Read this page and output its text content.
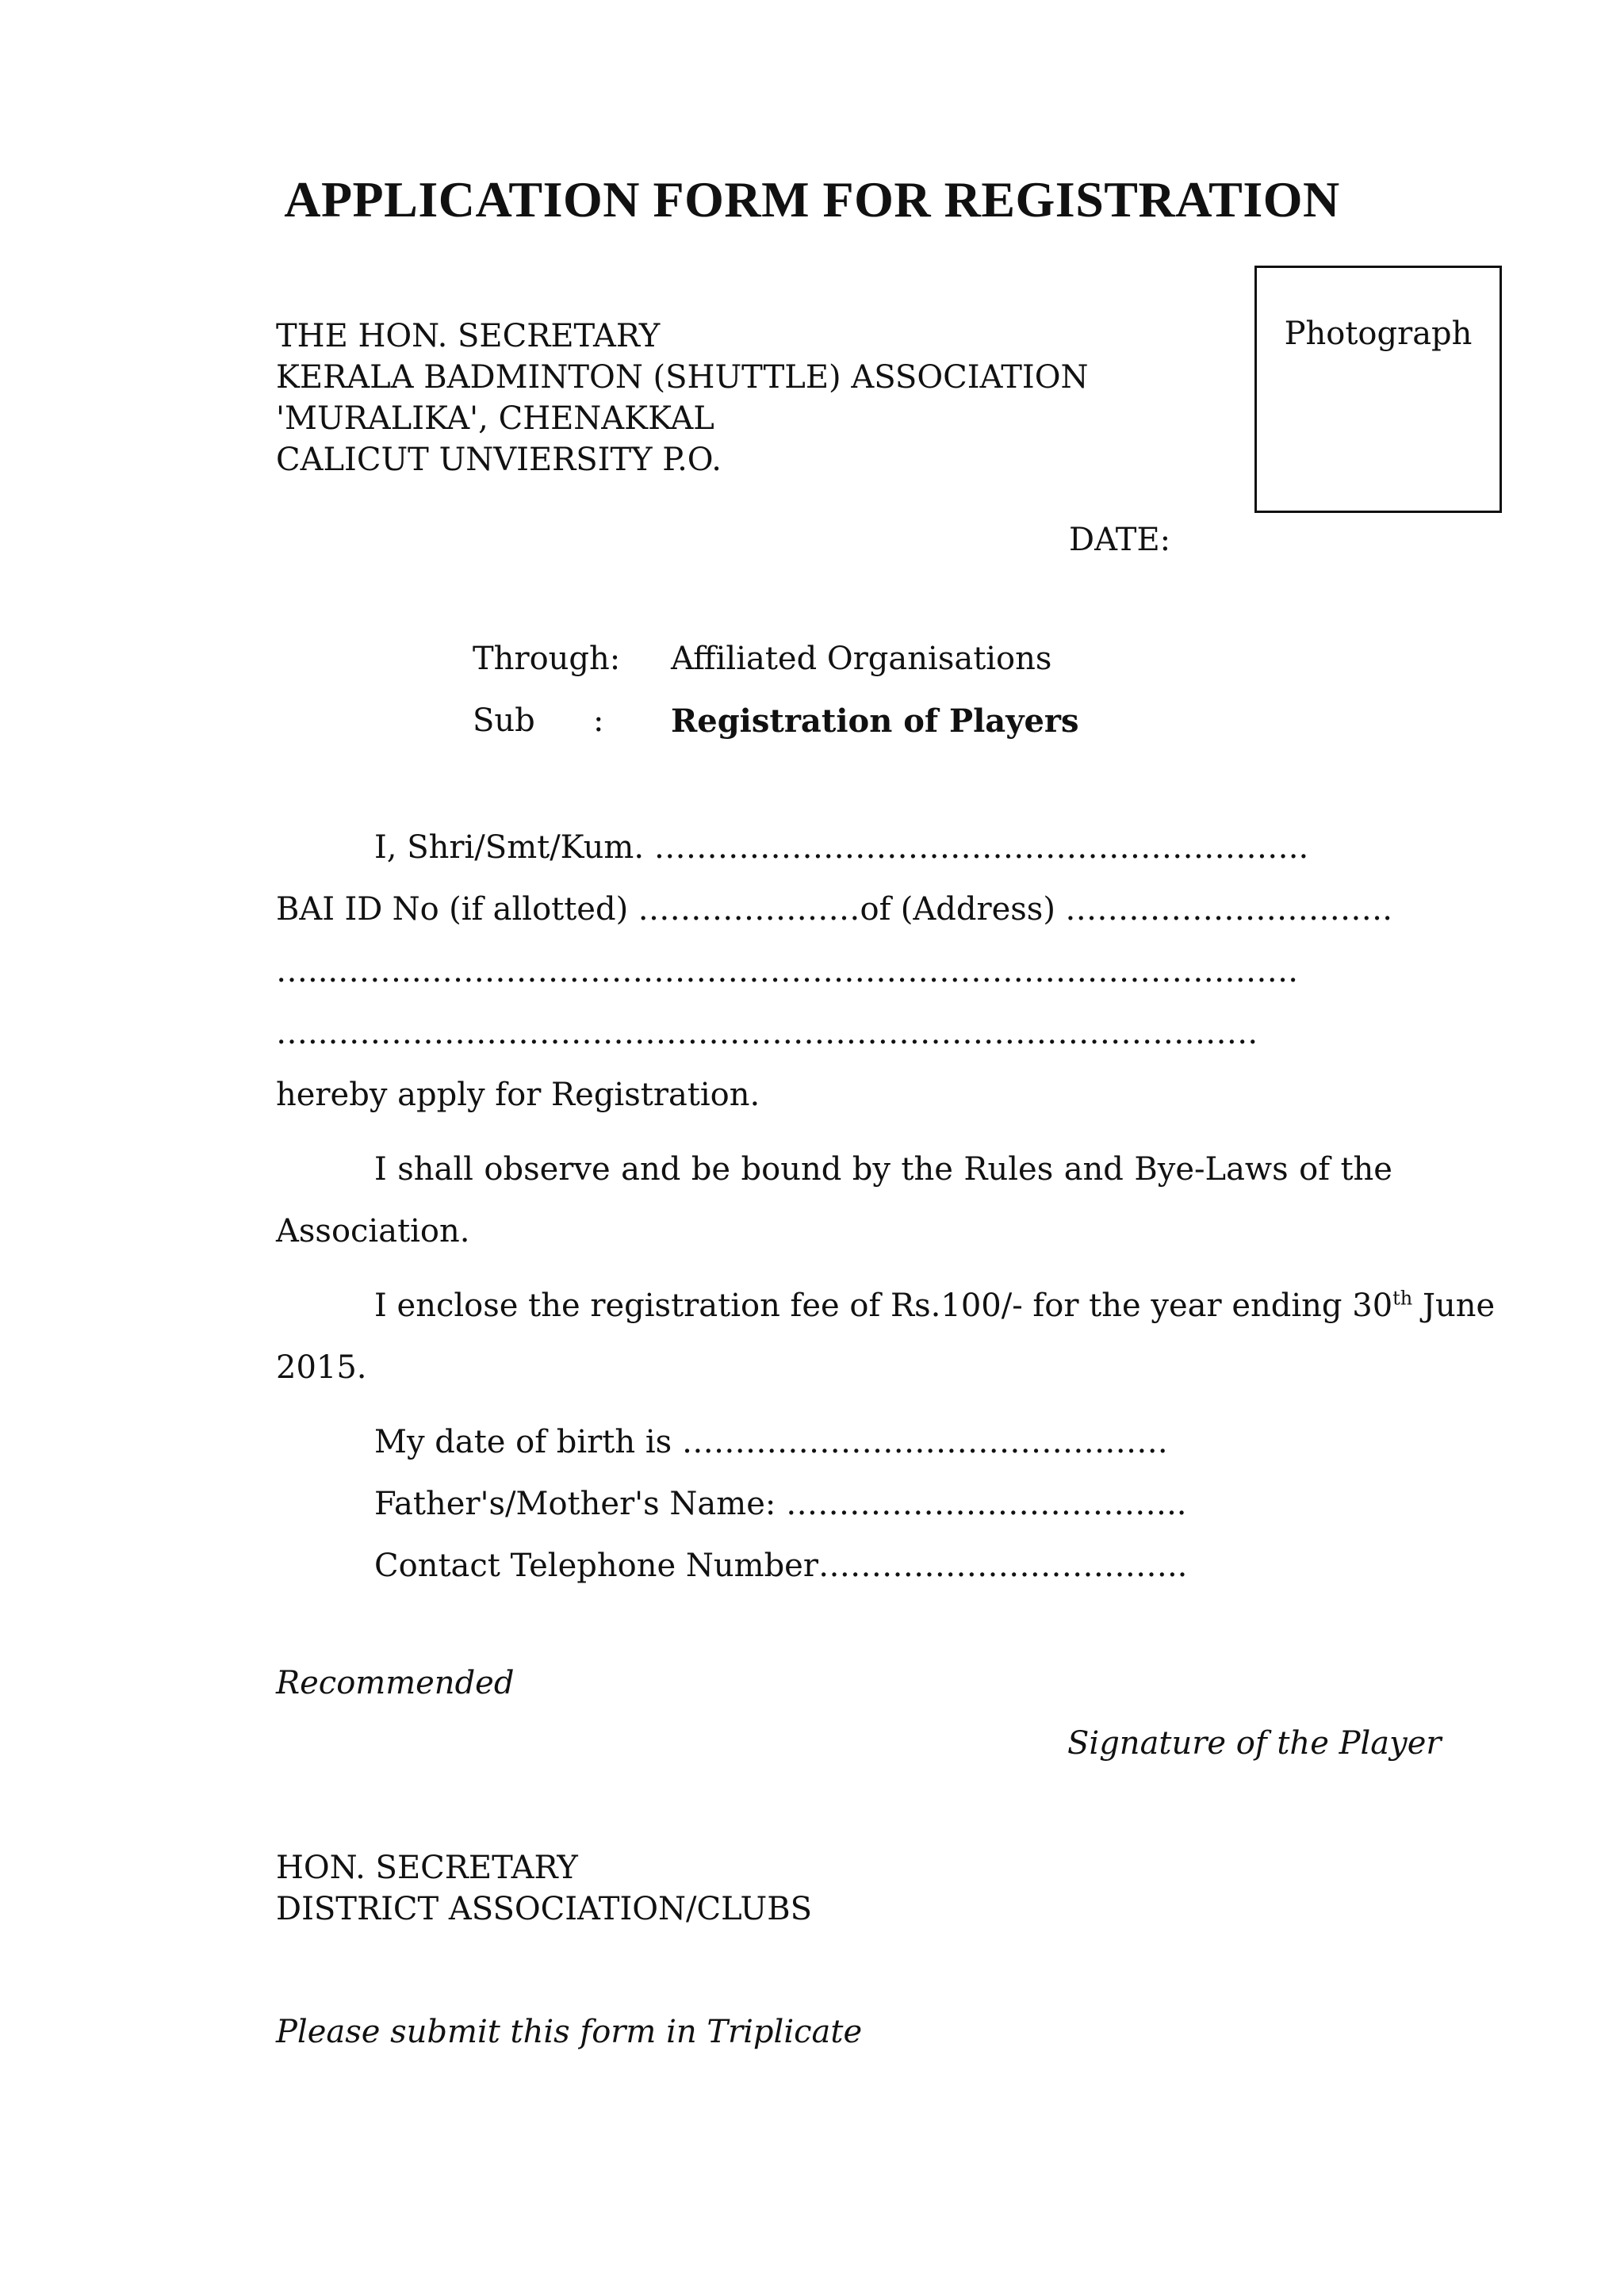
APPLICATION FORM FOR REGISTRATION
Photograph
THE HON. SECRETARY
KERALA BADMINTON (SHUTTLE) ASSOCIATION
'MURALIKA', CHENAKKAL
CALICUT UNVIERSITY P.O.
DATE:
Through: Affiliated Organisations
Sub : Registration of Players
I, Shri/Smt/Kum. ……………………………………………………..
BAI ID No (if allotted) …………………of (Address) ………………………….
…...……...……………………………………………………………………….
…..…………………………………………………………………………….
hereby apply for Registration.
I shall observe and be bound by the Rules and Bye-Laws of the
Association.
I enclose the registration fee of Rs.100/- for the year ending 30th June
2015.
My date of birth is ……………………………………….
Father's/Mother's Name: ………………………………..
Contact Telephone Number……………………………..
Recommended
Signature of the Player
HON. SECRETARY
DISTRICT ASSOCIATION/CLUBS
Please submit this form in Triplicate
